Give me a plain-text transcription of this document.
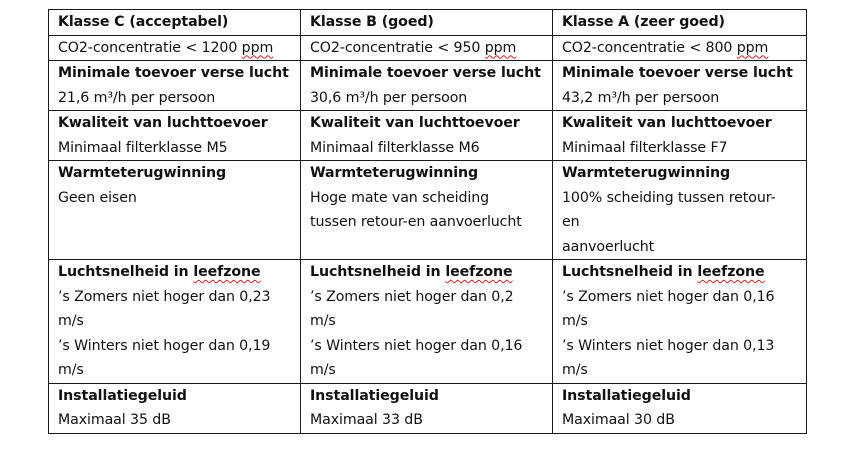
Klasse C (acceptabel)	Klasse B (goed)	Klasse A (zeer goed)

CO2-concentratie < 1200 ppm	CO2-concentratie < 950 ppm	CO2-concentratie < 800 ppm

Minimale toevoer verse lucht
21,6 m³/h per persoon	Minimale toevoer verse lucht
30,6 m³/h per persoon	Minimale toevoer verse lucht
43,2 m³/h per persoon

Kwaliteit van luchttoevoer
Minimaal filterklasse M5	Kwaliteit van luchttoevoer
Minimaal filterklasse M6	Kwaliteit van luchttoevoer
Minimaal filterklasse F7

Warmteterugwinning
Geen eisen	Warmteterugwinning
Hoge mate van scheiding
tussen retour-en aanvoerlucht	Warmteterugwinning
100% scheiding tussen retour-
en
aanvoerlucht

Luchtsnelheid in leefzone
’s Zomers niet hoger dan 0,23
m/s
’s Winters niet hoger dan 0,19
m/s	Luchtsnelheid in leefzone
’s Zomers niet hoger dan 0,2
m/s
’s Winters niet hoger dan 0,16
m/s	Luchtsnelheid in leefzone
’s Zomers niet hoger dan 0,16
m/s
’s Winters niet hoger dan 0,13
m/s

Installatiegeluid
Maximaal 35 dB	Installatiegeluid
Maximaal 33 dB	Installatiegeluid
Maximaal 30 dB
